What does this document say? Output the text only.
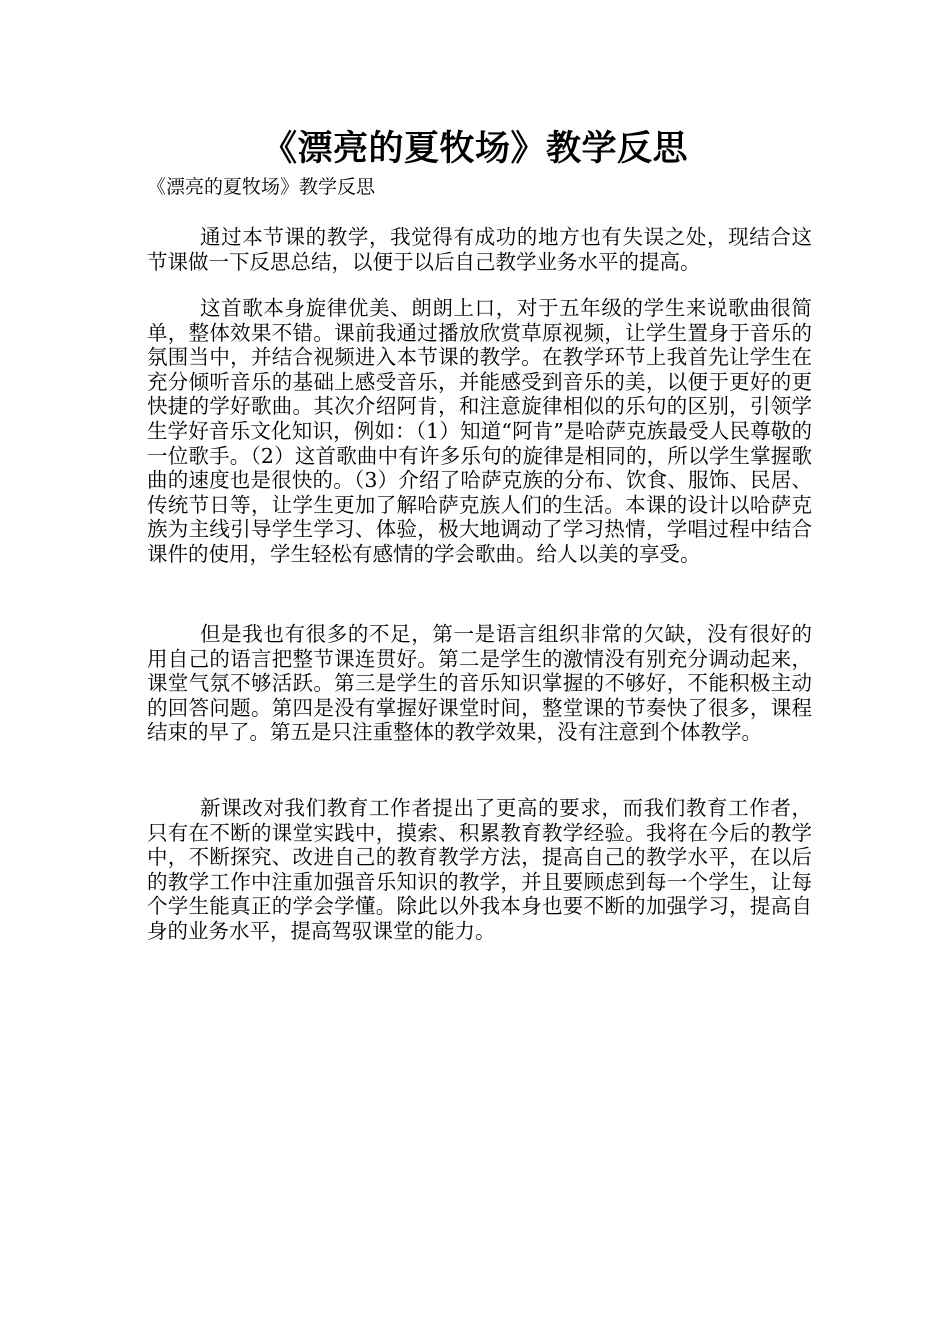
《漂亮的夏牧场》教学反思

《漂亮的夏牧场》教学反思

通过本节课的教学，我觉得有成功的地方也有失误之处，现结合这节课做一下反思总结，以便于以后自己教学业务水平的提高。

这首歌本身旋律优美、朗朗上口，对于五年级的学生来说歌曲很简单，整体效果不错。课前我通过播放欣赏草原视频，让学生置身于音乐的氛围当中，并结合视频进入本节课的教学。在教学环节上我首先让学生在充分倾听音乐的基础上感受音乐，并能感受到音乐的美，以便于更好的更快捷的学好歌曲。其次介绍阿肯，和注意旋律相似的乐句的区别，引领学生学好音乐文化知识，例如：（1）知道“阿肯”是哈萨克族最受人民尊敬的一位歌手。（2）这首歌曲中有许多乐句的旋律是相同的，所以学生掌握歌曲的速度也是很快的。（3）介绍了哈萨克族的分布、饮食、服饰、民居、传统节日等，让学生更加了解哈萨克族人们的生活。本课的设计以哈萨克族为主线引导学生学习、体验，极大地调动了学习热情，学唱过程中结合课件的使用，学生轻松有感情的学会歌曲。给人以美的享受。

但是我也有很多的不足，第一是语言组织非常的欠缺，没有很好的用自己的语言把整节课连贯好。第二是学生的激情没有别充分调动起来，课堂气氛不够活跃。第三是学生的音乐知识掌握的不够好，不能积极主动的回答问题。第四是没有掌握好课堂时间，整堂课的节奏快了很多，课程结束的早了。第五是只注重整体的教学效果，没有注意到个体教学。

新课改对我们教育工作者提出了更高的要求，而我们教育工作者，只有在不断的课堂实践中，摸索、积累教育教学经验。我将在今后的教学中，不断探究、改进自己的教育教学方法，提高自己的教学水平，在以后的教学工作中注重加强音乐知识的教学，并且要顾虑到每一个学生，让每个学生能真正的学会学懂。除此以外我本身也要不断的加强学习，提高自身的业务水平，提高驾驭课堂的能力。
